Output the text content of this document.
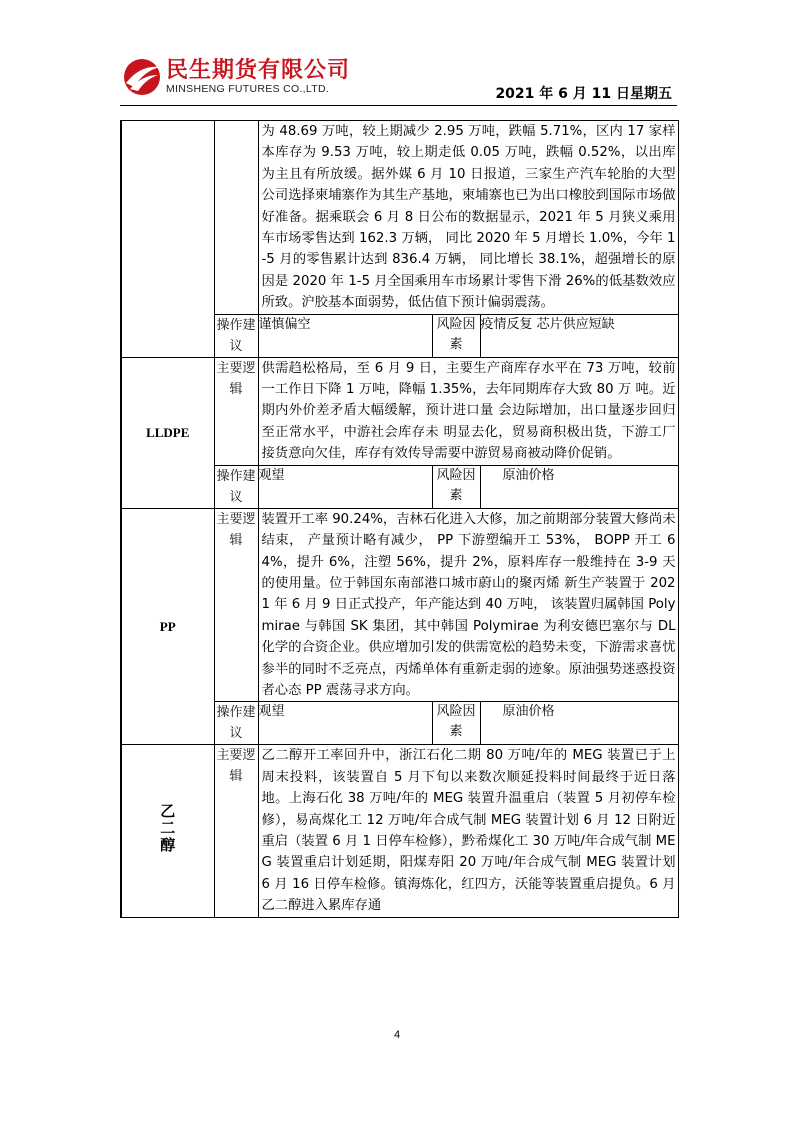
民生期货有限公司
MINSHENG FUTURES CO.,LTD.	2021 年 6 月 11 日星期五

		为 48.69 万吨，较上期减少 2.95 万吨，跌幅 5.71%，区内 17 家样本库存为 9.53 万吨，较上期走低 0.05 万吨，跌幅 0.52%，以出库为主且有所放缓。据外媒 6 月 10 日报道，三家生产汽车轮胎的大型公司选择柬埔寨作为其生产基地，柬埔寨也已为出口橡胶到国际市场做好准备。据乘联会 6 月 8 日公布的数据显示，2021 年 5 月狭义乘用车市场零售达到 162.3 万辆， 同比 2020 年 5 月增长 1.0%，今年 1-5 月的零售累计达到 836.4 万辆， 同比增长 38.1%，超强增长的原因是 2020 年 1-5 月全国乘用车市场累计零售下滑 26%的低基数效应所致。沪胶基本面弱势，低估值下预计偏弱震荡。		

	操作建议	谨慎偏空	风险因素	疫情反复 芯片供应短缺
LLDPE	主要逻辑	供需趋松格局，至 6 月 9 日，主要生产商库存水平在 73 万吨，较前一工作日下降 1 万吨，降幅 1.35%，去年同期库存大致 80 万 吨。近期内外价差矛盾大幅缓解，预计进口量 会边际增加，出口量逐步回归至正常水平，中游社会库存未 明显去化，贸易商积极出货，下游工厂接货意向欠佳，库存有效传导需要中游贸易商被动降价促销。		

	操作建议	观望	风险因素	原油价格
PP	主要逻辑	装置开工率 90.24%，吉林石化进入大修，加之前期部分装置大修尚未结束， 产量预计略有减少， PP 下游塑编开工 53%， BOPP 开工 64%，提升 6%，注塑 56%，提升 2%，原料库存一般维持在 3-9 天的使用量。位于韩国东南部港口城市蔚山的聚丙烯 新生产装置于 2021 年 6 月 9 日正式投产，年产能达到 40 万吨， 该装置归属韩国 Polymirae 与韩国 SK 集团，其中韩国 Polymirae 为利安德巴塞尔与 DL 化学的合资企业。供应增加引发的供需宽松的趋势未变，下游需求喜忧参半的同时不乏亮点，丙烯单体有重新走弱的迹象。原油强势迷惑投资者心态 PP 震荡寻求方向。		

	操作建议	观望	风险因素	原油价格
乙二醇	主要逻辑	乙二醇开工率回升中，浙江石化二期 80 万吨/年的 MEG 装置已于上周末投料，该装置自 5 月下旬以来数次顺延投料时间最终于近日落地。上海石化 38 万吨/年的 MEG 装置升温重启（装置 5 月初停车检修），易高煤化工 12 万吨/年合成气制 MEG 装置计划 6 月 12 日附近重启（装置 6 月 1 日停车检修），黔希煤化工 30 万吨/年合成气制 MEG 装置重启计划延期，阳煤寿阳 20 万吨/年合成气制 MEG 装置计划 6 月 16 日停车检修。镇海炼化，红四方，沃能等装置重启提负。6 月乙二醇进入累库存通		
4
